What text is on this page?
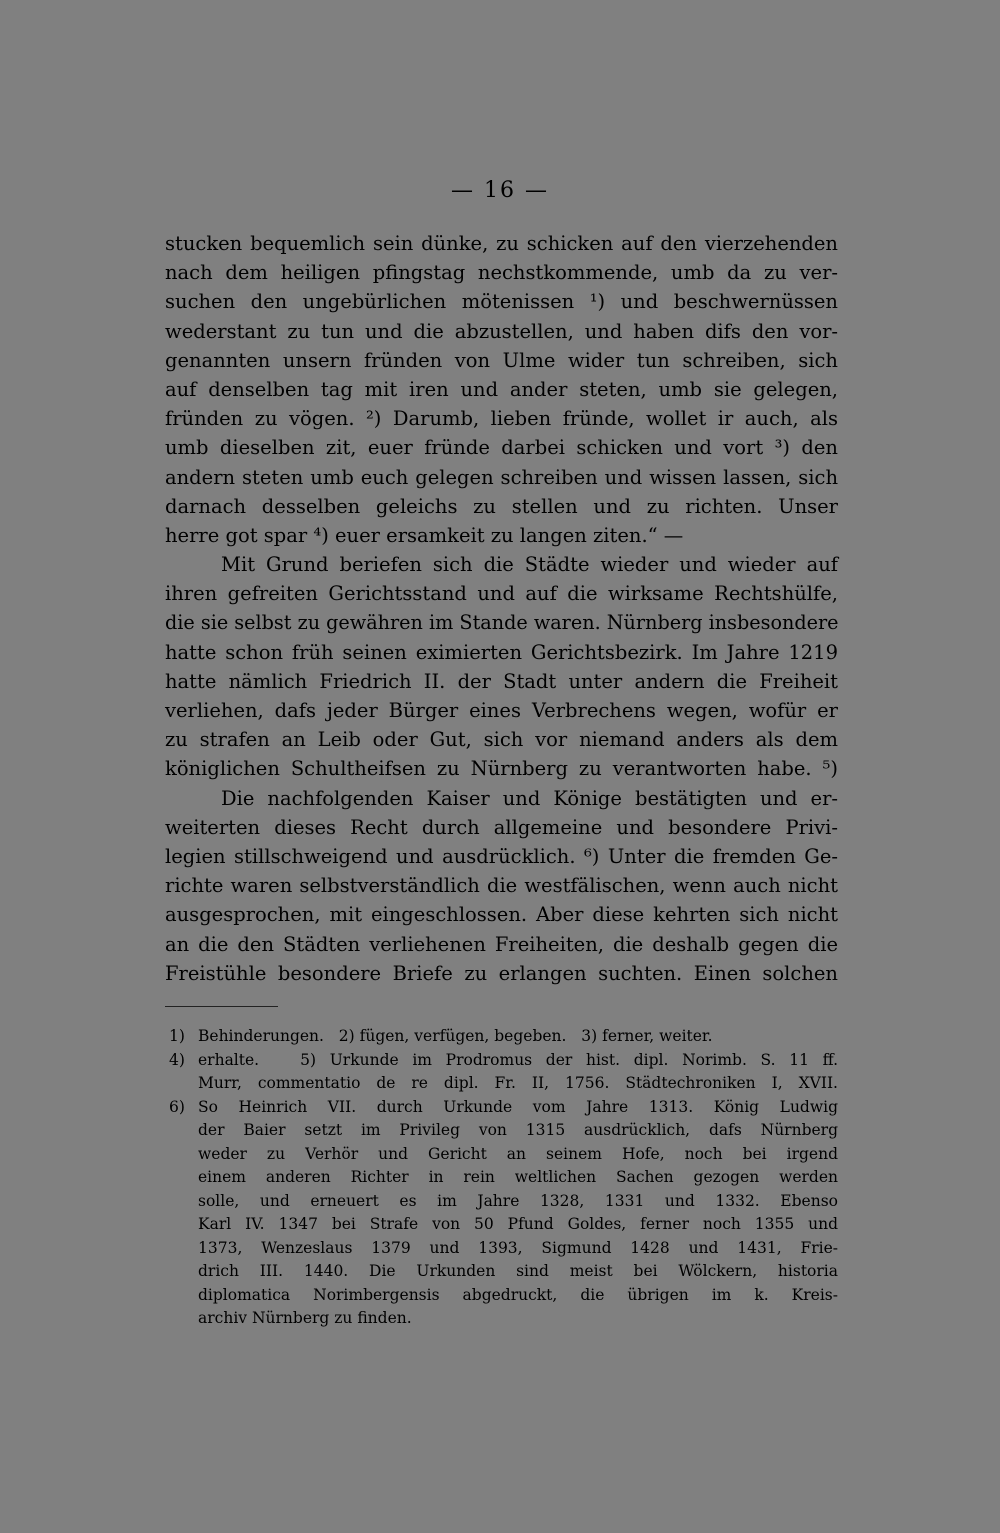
— 16 —
stucken bequemlich sein dünke, zu schicken auf den vierzehenden
nach dem heiligen pfingstag nechstkommende, umb da zu ver-
suchen den ungebürlichen mötenissen ¹) und beschwernüssen
wederstant zu tun und die abzustellen, und haben difs den vor-
genannten unsern fründen von Ulme wider tun schreiben, sich
auf denselben tag mit iren und ander steten, umb sie gelegen,
fründen zu vögen. ²) Darumb, lieben fründe, wollet ir auch, als
umb dieselben zit, euer fründe darbei schicken und vort ³) den
andern steten umb euch gelegen schreiben und wissen lassen, sich
darnach desselben geleichs zu stellen und zu richten. Unser
herre got spar ⁴) euer ersamkeit zu langen ziten.“ —
Mit Grund beriefen sich die Städte wieder und wieder auf
ihren gefreiten Gerichtsstand und auf die wirksame Rechtshülfe,
die sie selbst zu gewähren im Stande waren. Nürnberg insbesondere
hatte schon früh seinen eximierten Gerichtsbezirk. Im Jahre 1219
hatte nämlich Friedrich II. der Stadt unter andern die Freiheit
verliehen, dafs jeder Bürger eines Verbrechens wegen, wofür er
zu strafen an Leib oder Gut, sich vor niemand anders als dem
königlichen Schultheifsen zu Nürnberg zu verantworten habe. ⁵)
Die nachfolgenden Kaiser und Könige bestätigten und er-
weiterten dieses Recht durch allgemeine und besondere Privi-
legien stillschweigend und ausdrücklich. ⁶) Unter die fremden Ge-
richte waren selbstverständlich die westfälischen, wenn auch nicht
ausgesprochen, mit eingeschlossen. Aber diese kehrten sich nicht
an die den Städten verliehenen Freiheiten, die deshalb gegen die
Freistühle besondere Briefe zu erlangen suchten. Einen solchen
1) Behinderungen. 2) fügen, verfügen, begeben. 3) ferner, weiter.
4) erhalte.	5) Urkunde im Prodromus der hist. dipl. Norimb. S. 11 ff.
Murr, commentatio de re dipl. Fr. II, 1756. Städtechroniken I, XVII.
6) So Heinrich VII. durch Urkunde vom Jahre 1313. König Ludwig
der Baier setzt im Privileg von 1315 ausdrücklich, dafs Nürnberg
weder zu Verhör und Gericht an seinem Hofe, noch bei irgend
einem anderen Richter in rein weltlichen Sachen gezogen werden
solle, und erneuert es im Jahre 1328, 1331 und 1332. Ebenso
Karl IV. 1347 bei Strafe von 50 Pfund Goldes, ferner noch 1355 und
1373, Wenzeslaus 1379 und 1393, Sigmund 1428 und 1431, Frie-
drich III. 1440. Die Urkunden sind meist bei Wölckern, historia
diplomatica Norimbergensis abgedruckt, die übrigen im k. Kreis-
archiv Nürnberg zu finden.
